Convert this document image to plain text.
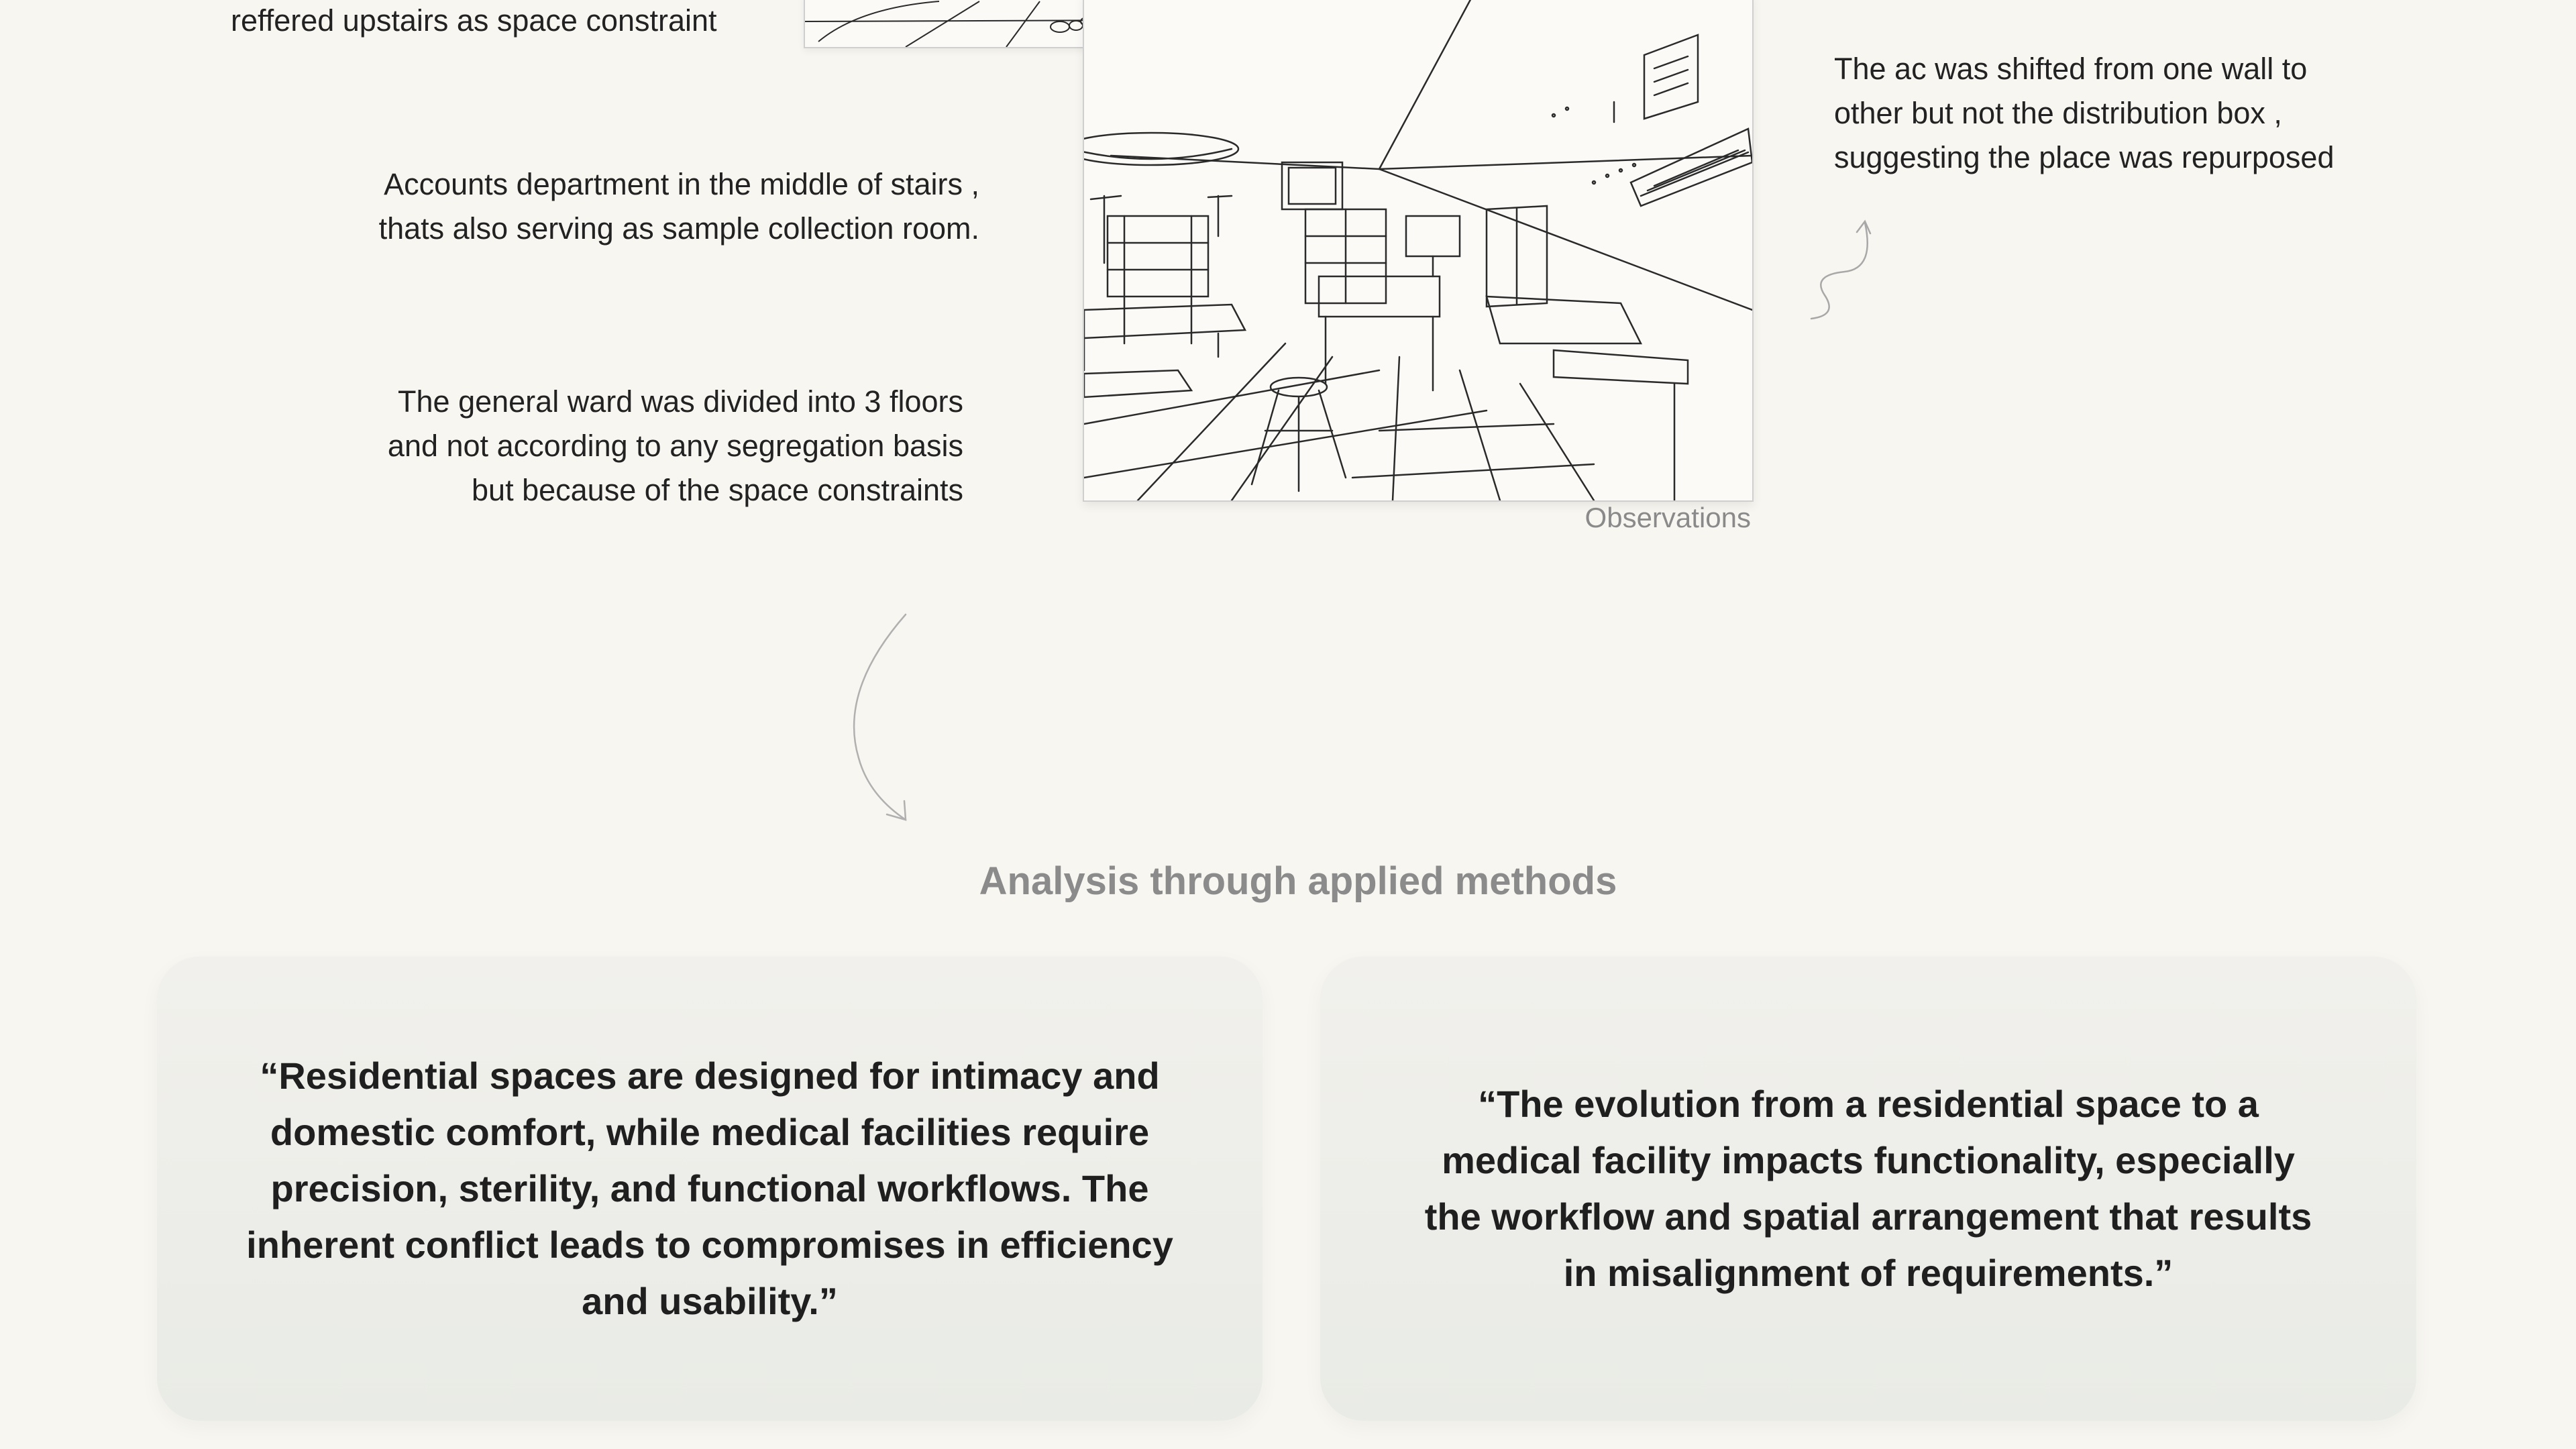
reffered upstairs as space constraint
Observations
Accounts department in the middle of stairs ,
thats also serving as sample collection room.
The general ward was divided into 3 floors
and not according to any segregation basis
but because of the space constraints
The ac was shifted from one wall to
other but not the distribution box ,
suggesting the place was repurposed
Analysis through applied methods
“Residential spaces are designed for intimacy and domestic comfort, while medical facilities require precision, sterility, and functional workflows. The inherent conflict leads to compromises in efficiency and usability.”
“The evolution from a residential space to a medical facility impacts functionality, especially the workflow and spatial arrangement that results in misalignment of requirements.”
